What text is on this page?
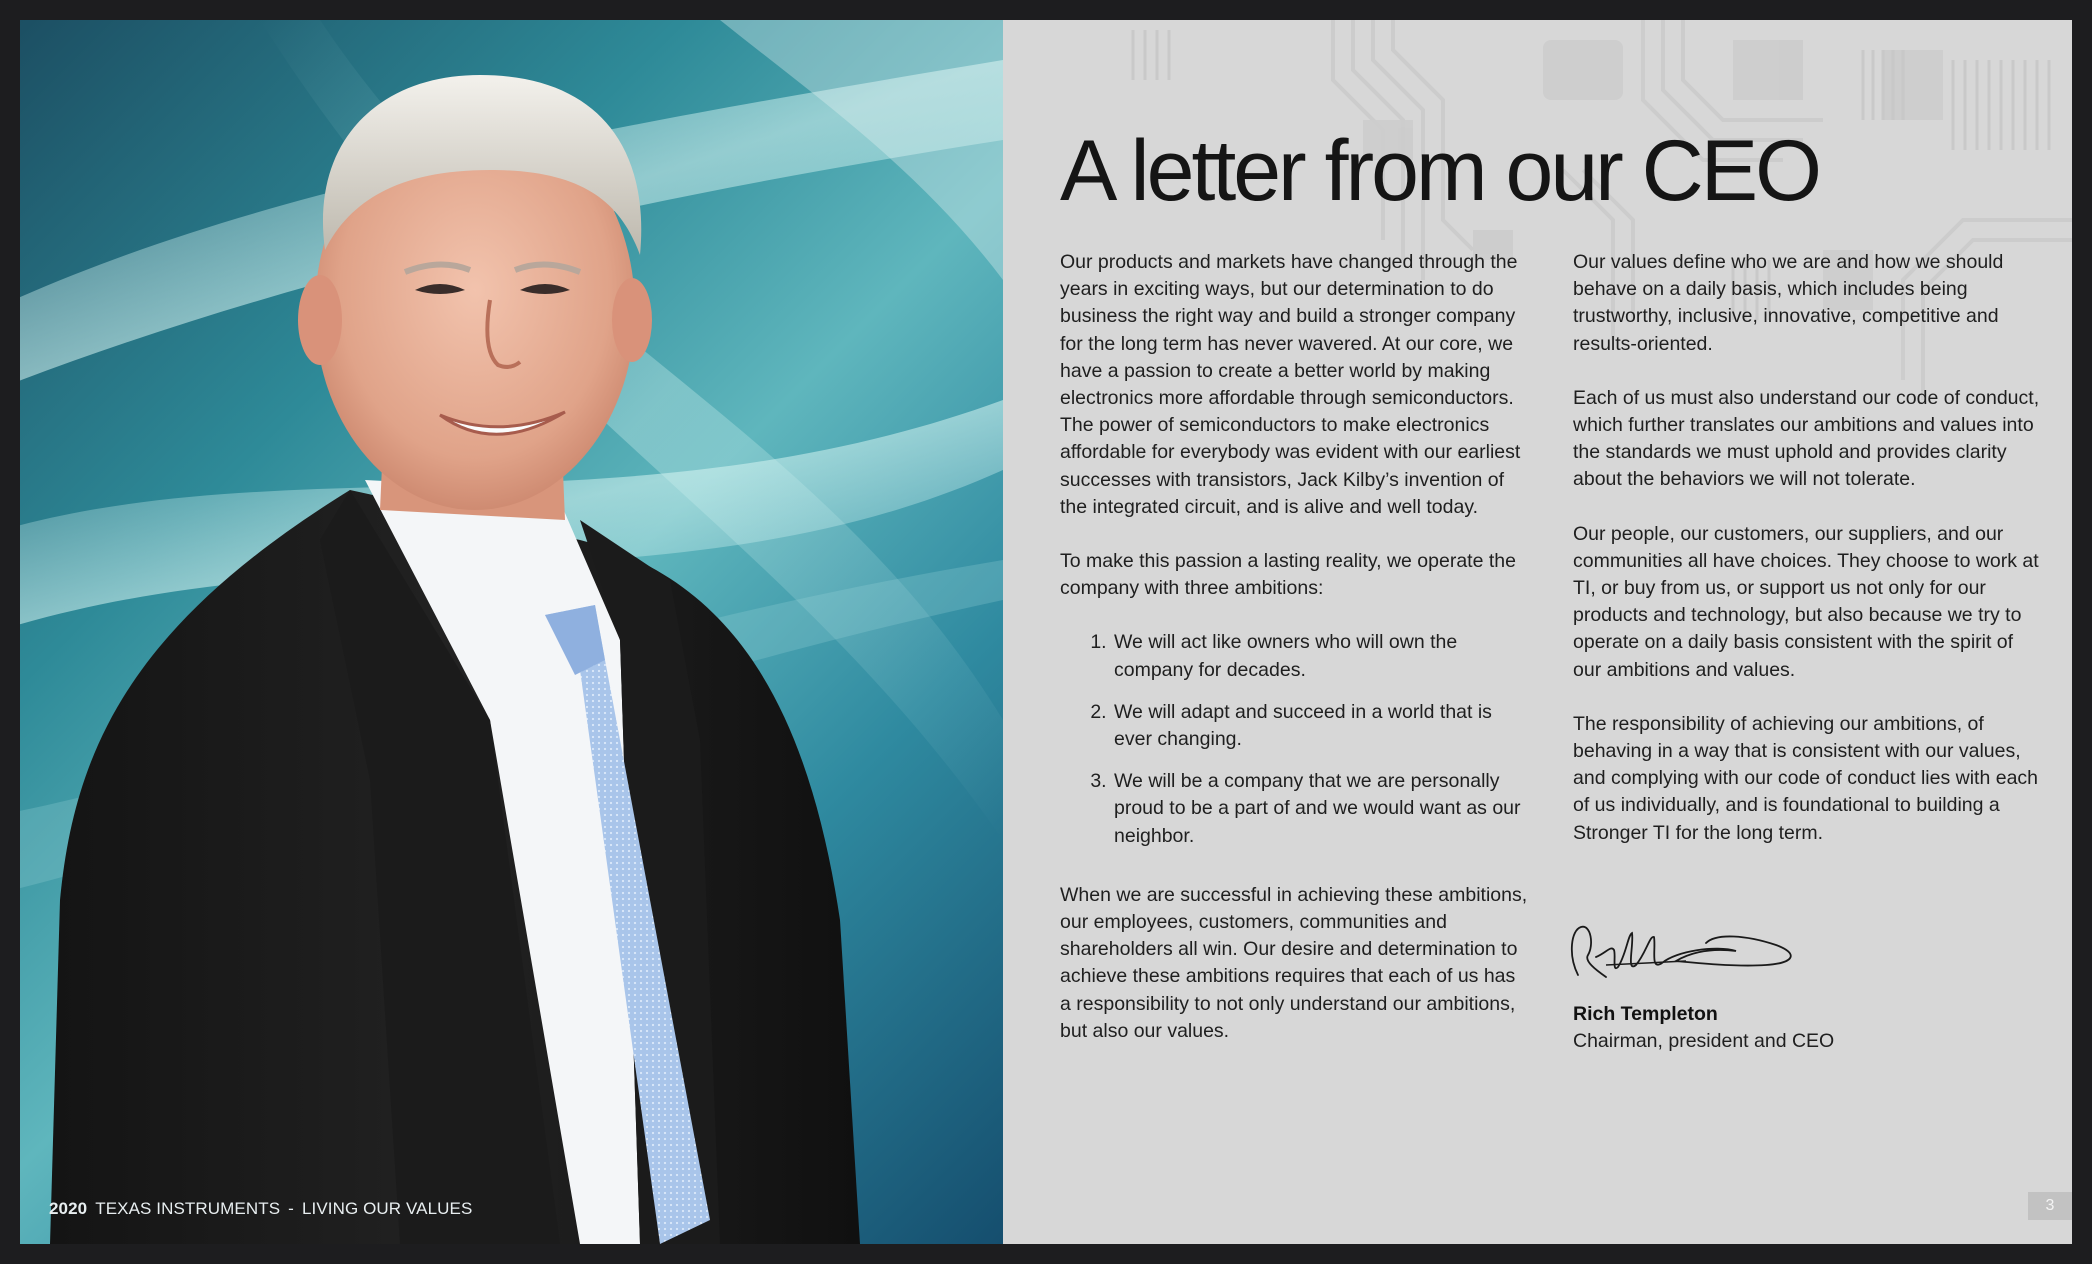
2020 TEXAS INSTRUMENTS - LIVING OUR VALUES
A letter from our CEO

Our products and markets have changed through the years in exciting ways, but our determination to do business the right way and build a stronger company for the long term has never wavered. At our core, we have a passion to create a better world by making electronics more affordable through semiconductors. The power of semiconductors to make electronics affordable for everybody was evident with our earliest successes with transistors, Jack Kilby’s invention of the integrated circuit, and is alive and well today.

To make this passion a lasting reality, we operate the company with three ambitions:

1. We will act like owners who will own the company for decades.
2. We will adapt and succeed in a world that is ever changing.
3. We will be a company that we are personally proud to be a part of and we would want as our neighbor.

When we are successful in achieving these ambitions, our employees, customers, communities and shareholders all win. Our desire and determination to achieve these ambitions requires that each of us has a responsibility to not only understand our ambitions, but also our values.

Our values define who we are and how we should behave on a daily basis, which includes being trustworthy, inclusive, innovative, competitive and results-oriented.

Each of us must also understand our code of conduct, which further translates our ambitions and values into the standards we must uphold and provides clarity about the behaviors we will not tolerate.

Our people, our customers, our suppliers, and our communities all have choices. They choose to work at TI, or buy from us, or support us not only for our products and technology, but also because we try to operate on a daily basis consistent with the spirit of our ambitions and values.

The responsibility of achieving our ambitions, of behaving in a way that is consistent with our values, and complying with our code of conduct lies with each of us individually, and is foundational to building a Stronger TI for the long term.

Rich Templeton
Chairman, president and CEO
3
